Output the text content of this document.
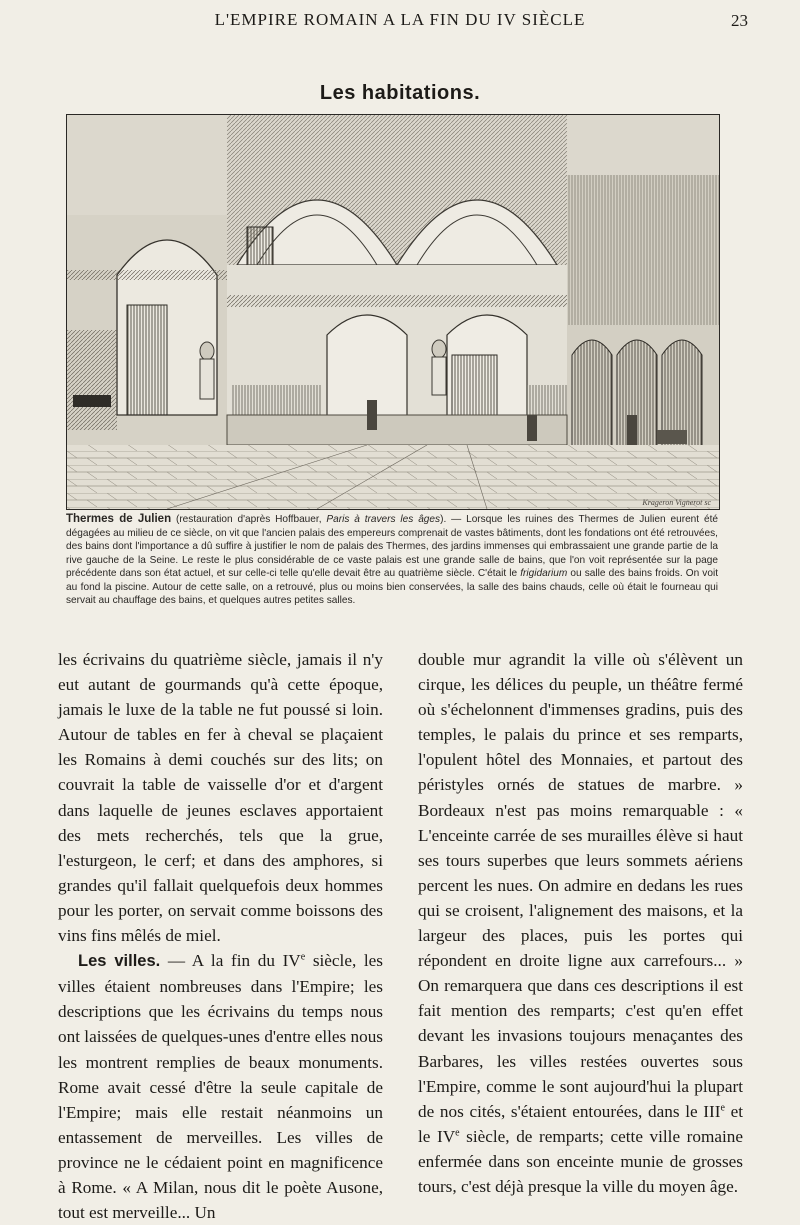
L'EMPIRE ROMAIN A LA FIN DU IV SIÈCLE	23
Les habitations.
Krageron Vignerot sc
Thermes de Julien (restauration d'après Hoffbauer, Paris à travers les âges). — Lorsque les ruines des Thermes de Julien eurent été dégagées au milieu de ce siècle, on vit que l'ancien palais des empereurs comprenait de vastes bâtiments, dont les fondations ont été retrouvées, des bains dont l'importance a dû suffire à justifier le nom de palais des Thermes, des jardins immenses qui embrassaient une grande partie de la rive gauche de la Seine. Le reste le plus considérable de ce vaste palais est une grande salle de bains, que l'on voit représentée sur la page précédente dans son état actuel, et sur celle-ci telle qu'elle devait être au quatrième siècle. C'était le frigidarium ou salle des bains froids. On voit au fond la piscine. Autour de cette salle, on a retrouvé, plus ou moins bien conservées, la salle des bains chauds, celle où était le fourneau qui servait au chauffage des bains, et quelques autres petites salles.

les écrivains du quatrième siècle, jamais il n'y eut autant de gourmands qu'à cette époque, jamais le luxe de la table ne fut poussé si loin. Autour de tables en fer à cheval se plaçaient les Romains à demi couchés sur des lits; on couvrait la table de vaisselle d'or et d'argent dans laquelle de jeunes esclaves apportaient des mets recherchés, tels que la grue, l'esturgeon, le cerf; et dans des amphores, si grandes qu'il fallait quelquefois deux hommes pour les porter, on servait comme boissons des vins fins mêlés de miel.

Les villes. — A la fin du IVe siècle, les villes étaient nombreuses dans l'Empire; les descriptions que les écrivains du temps nous ont laissées de quelques-unes d'entre elles nous les montrent remplies de beaux monuments. Rome avait cessé d'être la seule capitale de l'Empire; mais elle restait néanmoins un entassement de merveilles. Les villes de province ne le cédaient point en magnificence à Rome. « A Milan, nous dit le poète Ausone, tout est merveille... Un

double mur agrandit la ville où s'élèvent un cirque, les délices du peuple, un théâtre fermé où s'échelonnent d'immenses gradins, puis des temples, le palais du prince et ses remparts, l'opulent hôtel des Monnaies, et partout des péristyles ornés de statues de marbre. » Bordeaux n'est pas moins remarquable : « L'enceinte carrée de ses murailles élève si haut ses tours superbes que leurs sommets aériens percent les nues. On admire en dedans les rues qui se croisent, l'alignement des maisons, et la largeur des places, puis les portes qui répondent en droite ligne aux carrefours... » On remarquera que dans ces descriptions il est fait mention des remparts; c'est qu'en effet devant les invasions toujours menaçantes des Barbares, les villes restées ouvertes sous l'Empire, comme le sont aujourd'hui la plupart de nos cités, s'étaient entourées, dans le IIIe et le IVe siècle, de remparts; cette ville romaine enfermée dans son enceinte munie de grosses tours, c'est déjà presque la ville du moyen âge.
